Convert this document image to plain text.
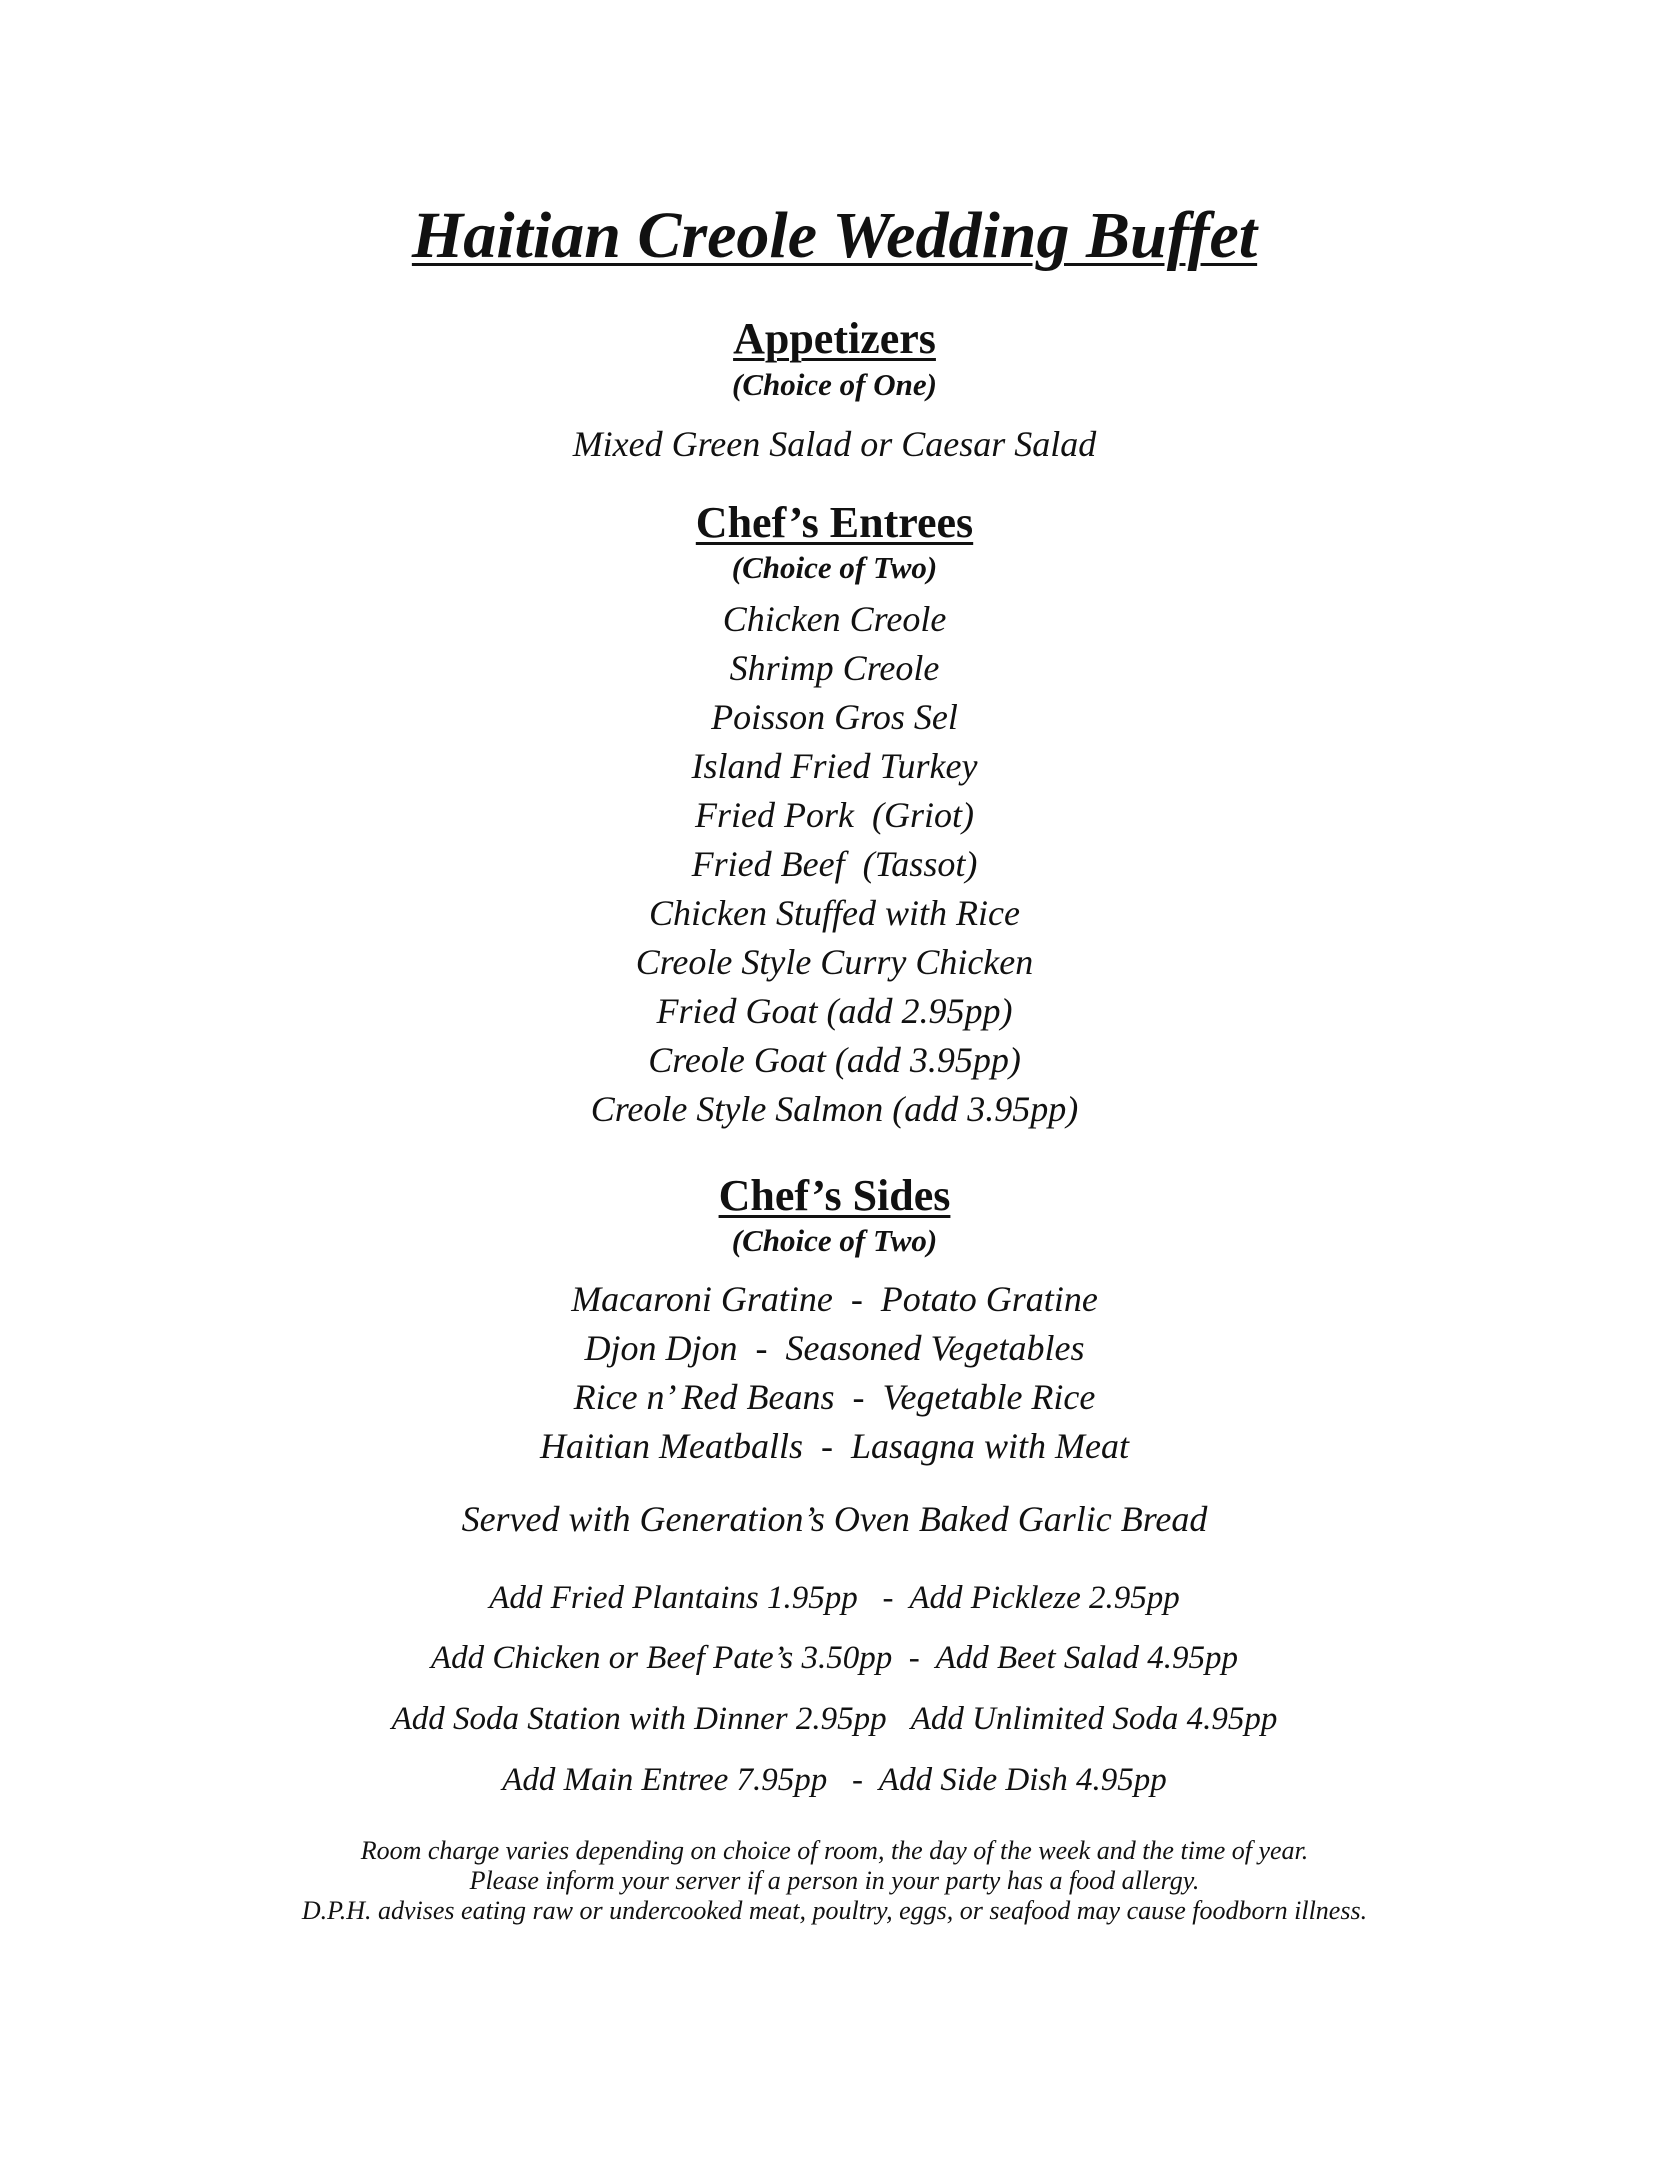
Haitian Creole Wedding Buffet
Appetizers
(Choice of One)
Mixed Green Salad or Caesar Salad
Chef’s Entrees
(Choice of Two)
Chicken Creole
Shrimp Creole
Poisson Gros Sel
Island Fried Turkey
Fried Pork  (Griot)
Fried Beef  (Tassot)
Chicken Stuffed with Rice
Creole Style Curry Chicken
Fried Goat (add 2.95pp)
Creole Goat (add 3.95pp)
Creole Style Salmon (add 3.95pp)
Chef’s Sides
(Choice of Two)
Macaroni Gratine  -  Potato Gratine
Djon Djon  -  Seasoned Vegetables
Rice n’ Red Beans  -  Vegetable Rice
Haitian Meatballs  -  Lasagna with Meat
Served with Generation’s Oven Baked Garlic Bread
Add Fried Plantains 1.95pp   -  Add Pickleze 2.95pp
Add Chicken or Beef Pate’s 3.50pp  -  Add Beet Salad 4.95pp
Add Soda Station with Dinner 2.95pp   Add Unlimited Soda 4.95pp
Add Main Entree 7.95pp   -  Add Side Dish 4.95pp
Room charge varies depending on choice of room, the day of the week and the time of year.
Please inform your server if a person in your party has a food allergy.
D.P.H. advises eating raw or undercooked meat, poultry, eggs, or seafood may cause foodborn illness.
